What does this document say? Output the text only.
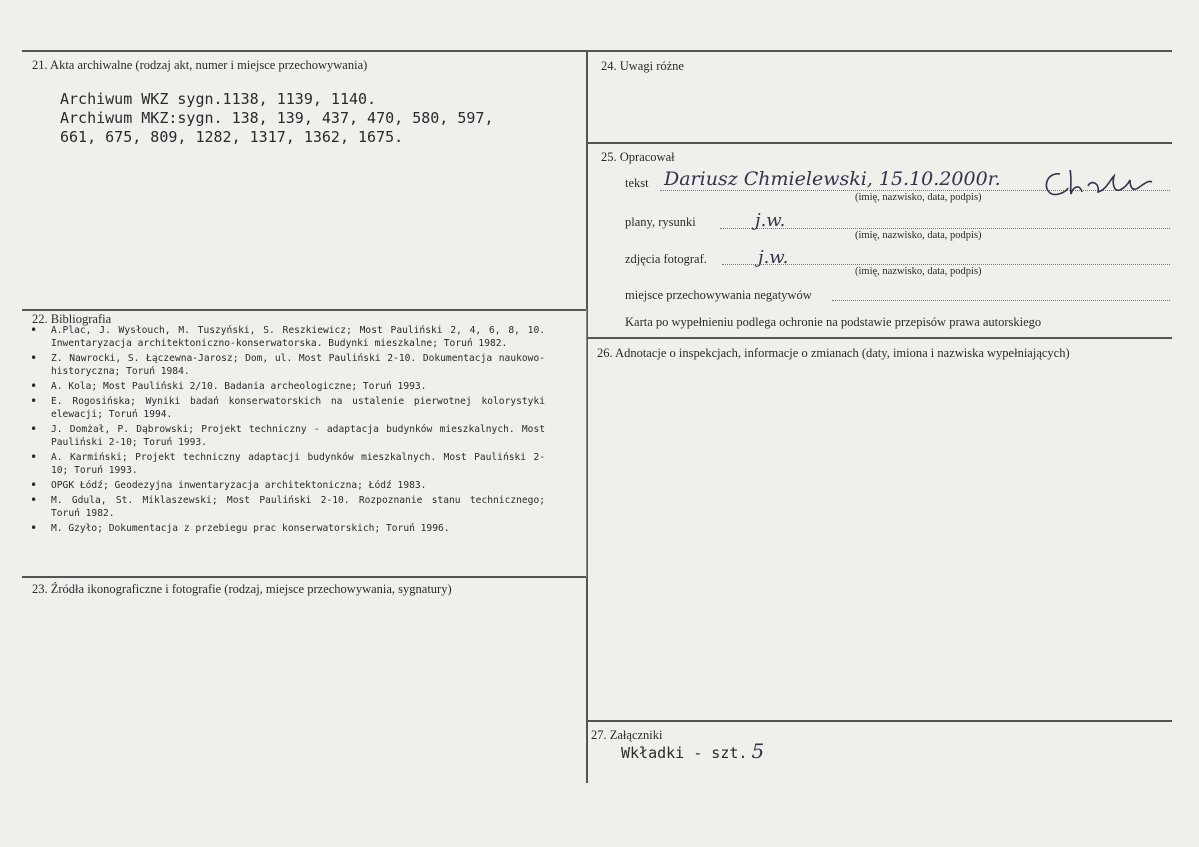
21. Akta archiwalne (rodzaj akt, numer i miejsce przechowywania)
Archiwum WKZ sygn.1138, 1139, 1140.
Archiwum MKZ:sygn. 138, 139, 437, 470, 580, 597,
661, 675, 809, 1282, 1317, 1362, 1675.
22. Bibliografia
• A.Plac, J. Wysłouch, M. Tuszyński, S. Reszkiewicz; Most Pauliński 2, 4, 6, 8, 10. Inwentaryzacja architektoniczno-konserwatorska. Budynki mieszkalne; Toruń 1982.
• Z. Nawrocki, S. Łączewna-Jarosz; Dom, ul. Most Pauliński 2-10. Dokumentacja naukowo-historyczna; Toruń 1984.
• A. Kola; Most Pauliński 2/10. Badania archeologiczne; Toruń 1993.
• E. Rogosińska; Wyniki badań konserwatorskich na ustalenie pierwotnej kolorystyki elewacji; Toruń 1994.
• J. Domżał, P. Dąbrowski; Projekt techniczny - adaptacja budynków mieszkalnych. Most Pauliński 2-10; Toruń 1993.
• A. Karmiński; Projekt techniczny adaptacji budynków mieszkalnych. Most Pauliński 2-10; Toruń 1993.
• OPGK Łódź; Geodezyjna inwentaryzacja architektoniczna; Łódź 1983.
• M. Gdula, St. Miklaszewski; Most Pauliński 2-10. Rozpoznanie stanu technicznego; Toruń 1982.
• M. Gzyło; Dokumentacja z przebiegu prac konserwatorskich; Toruń 1996.
23. Źródła ikonograficzne i fotografie (rodzaj, miejsce przechowywania, sygnatury)
24. Uwagi różne
25. Opracował
tekst Dariusz Chmielewski, 15.10.2000r.
(imię, nazwisko, data, podpis)
plany, rysunki	j.w.
(imię, nazwisko, data, podpis)
zdjęcia fotograf.	j.w.
(imię, nazwisko, data, podpis)
miejsce przechowywania negatywów
Karta po wypełnieniu podlega ochronie na podstawie przepisów prawa autorskiego
26. Adnotacje o inspekcjach, informacje o zmianach (daty, imiona i nazwiska wypełniających)
27. Załączniki
Wkładki - szt. 5
